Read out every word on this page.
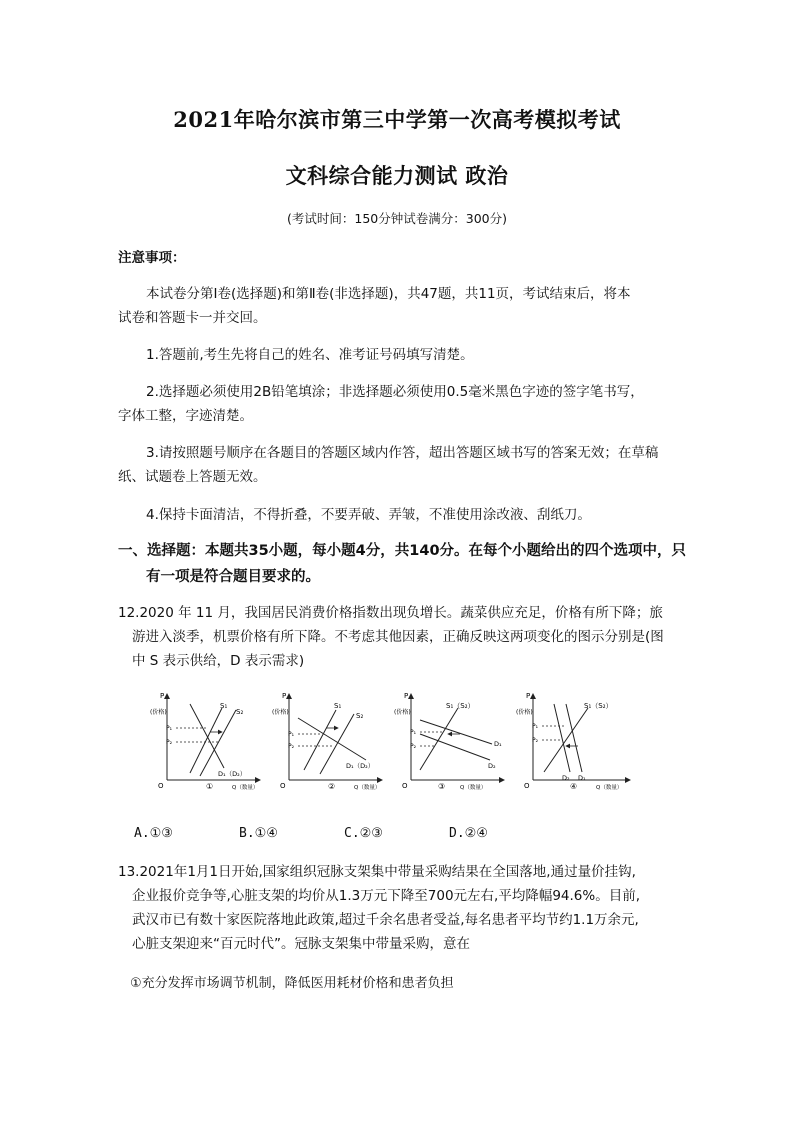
2021年哈尔滨市第三中学第一次高考模拟考试
文科综合能力测试 政治
(考试时间：150分钟试卷满分：300分)
注意事项：
本试卷分第Ⅰ卷(选择题)和第Ⅱ卷(非选择题)，共47题，共11页，考试结束后，将本
试卷和答题卡一并交回。
1.答题前,考生先将自己的姓名、准考证号码填写清楚。
2.选择题必须使用2B铅笔填涂；非选择题必须使用0.5毫米黑色字迹的签字笔书写，
字体工整，字迹清楚。
3.请按照题号顺序在各题目的答题区域内作答，超出答题区域书写的答案无效；在草稿
纸、试题卷上答题无效。
4.保持卡面清洁，不得折叠，不要弄破、弄皱，不准使用涂改液、刮纸刀。
一、选择题：本题共35小题，每小题4分，共140分。在每个小题给出的四个选项中，只
有一项是符合题目要求的。
12.2020 年 11 月，我国居民消费价格指数出现负增长。蔬菜供应充足，价格有所下降；旅
游进入淡季，机票价格有所下降。不考虑其他因素，正确反映这两项变化的图示分别是(图
中 S 表示供给，D 表示需求)
P
(价格)
P₁
P₂
S₁
S₂
D₁（D₂）
O	①	Q（数量）
P
(价格)
P₁
P₂
S₁
S₂
D₁（D₂）
O	②	Q（数量）
P
(价格)
P₁
P₂
S₁（S₂）
D₁
D₂
O	③	Q（数量）
P
(价格)
P₁
P₂
S₁（S₂）
D₂ D₁
O	④	Q（数量）
A.①③	B.①④	C.②③	D.②④
13.2021年1月1日开始,国家组织冠脉支架集中带量采购结果在全国落地,通过量价挂钩,
企业报价竞争等,心脏支架的均价从1.3万元下降至700元左右,平均降幅94.6%。目前,
武汉市已有数十家医院落地此政策,超过千余名患者受益,每名患者平均节约1.1万余元,
心脏支架迎来“百元时代”。冠脉支架集中带量采购，意在
①充分发挥市场调节机制，降低医用耗材价格和患者负担
